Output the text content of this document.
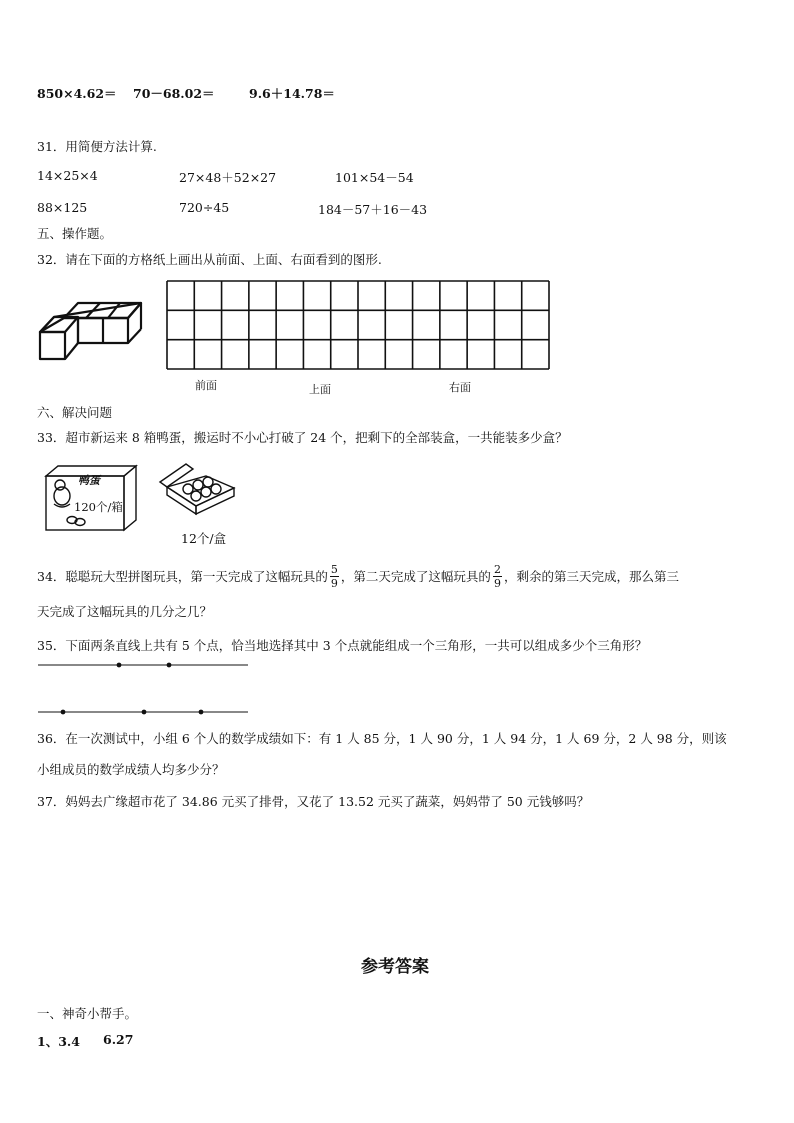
850×4.62＝ 70－68.02＝	9.6＋14.78＝
31．用简便方法计算.
14×25×4	27×48＋52×27	101×54－54
88×125	720÷45	184－57＋16－43
五、操作题。
32．请在下面的方格纸上画出从前面、上面、右面看到的图形.
前面	上面	右面
六、解决问题
33．超市新运来 8 箱鸭蛋，搬运时不小心打破了 24 个，把剩下的全部装盒，一共能装多少盒？
鸭蛋
120个/箱
12个/盒
34．聪聪玩大型拼图玩具，第一天完成了这幅玩具的 $\frac{5}{9}$ ，第二天完成了这幅玩具的 $\frac{2}{9}$ ，剩余的第三天完成，那么第三
天完成了这幅玩具的几分之几？
35．下面两条直线上共有 5 个点，恰当地选择其中 3 个点就能组成一个三角形，一共可以组成多少个三角形？
36．在一次测试中，小组 6 个人的数学成绩如下：有 1 人 85 分，1 人 90 分，1 人 94 分，1 人 69 分，2 人 98 分，则该
小组成员的数学成绩人均多少分？
37．妈妈去广缘超市花了 34.86 元买了排骨，又花了 13.52 元买了蔬菜，妈妈带了 50 元钱够吗？
参考答案
一、神奇小帮手。
1、3.4 6.27
